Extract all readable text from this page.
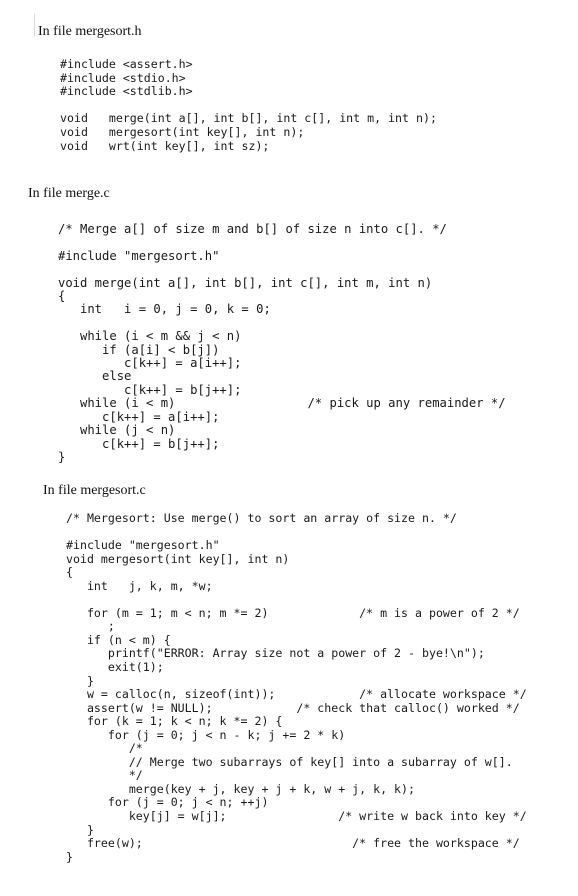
In file mergesort.h
#include <assert.h>
#include <stdio.h>
#include <stdlib.h>

void   merge(int a[], int b[], int c[], int m, int n);
void   mergesort(int key[], int n);
void   wrt(int key[], int sz);
In file merge.c
/* Merge a[] of size m and b[] of size n into c[]. */

#include "mergesort.h"

void merge(int a[], int b[], int c[], int m, int n)
{
int   i = 0, j = 0, k = 0;

while (i < m && j < n)
if (a[i] < b[j])
c[k++] = a[i++];
else
c[k++] = b[j++];
while (i < m)                  /* pick up any remainder */
c[k++] = a[i++];
while (j < n)
c[k++] = b[j++];
}
In file mergesort.c
/* Mergesort: Use merge() to sort an array of size n. */

#include "mergesort.h"
void mergesort(int key[], int n)
{
int   j, k, m, *w;

for (m = 1; m < n; m *= 2)             /* m is a power of 2 */
;
if (n < m) {
printf("ERROR: Array size not a power of 2 - bye!\n");
exit(1);
}
w = calloc(n, sizeof(int));            /* allocate workspace */
assert(w != NULL);            /* check that calloc() worked */
for (k = 1; k < n; k *= 2) {
for (j = 0; j < n - k; j += 2 * k)
/*
// Merge two subarrays of key[] into a subarray of w[].
*/
merge(key + j, key + j + k, w + j, k, k);
for (j = 0; j < n; ++j)
key[j] = w[j];                /* write w back into key */
}
free(w);                              /* free the workspace */
}
